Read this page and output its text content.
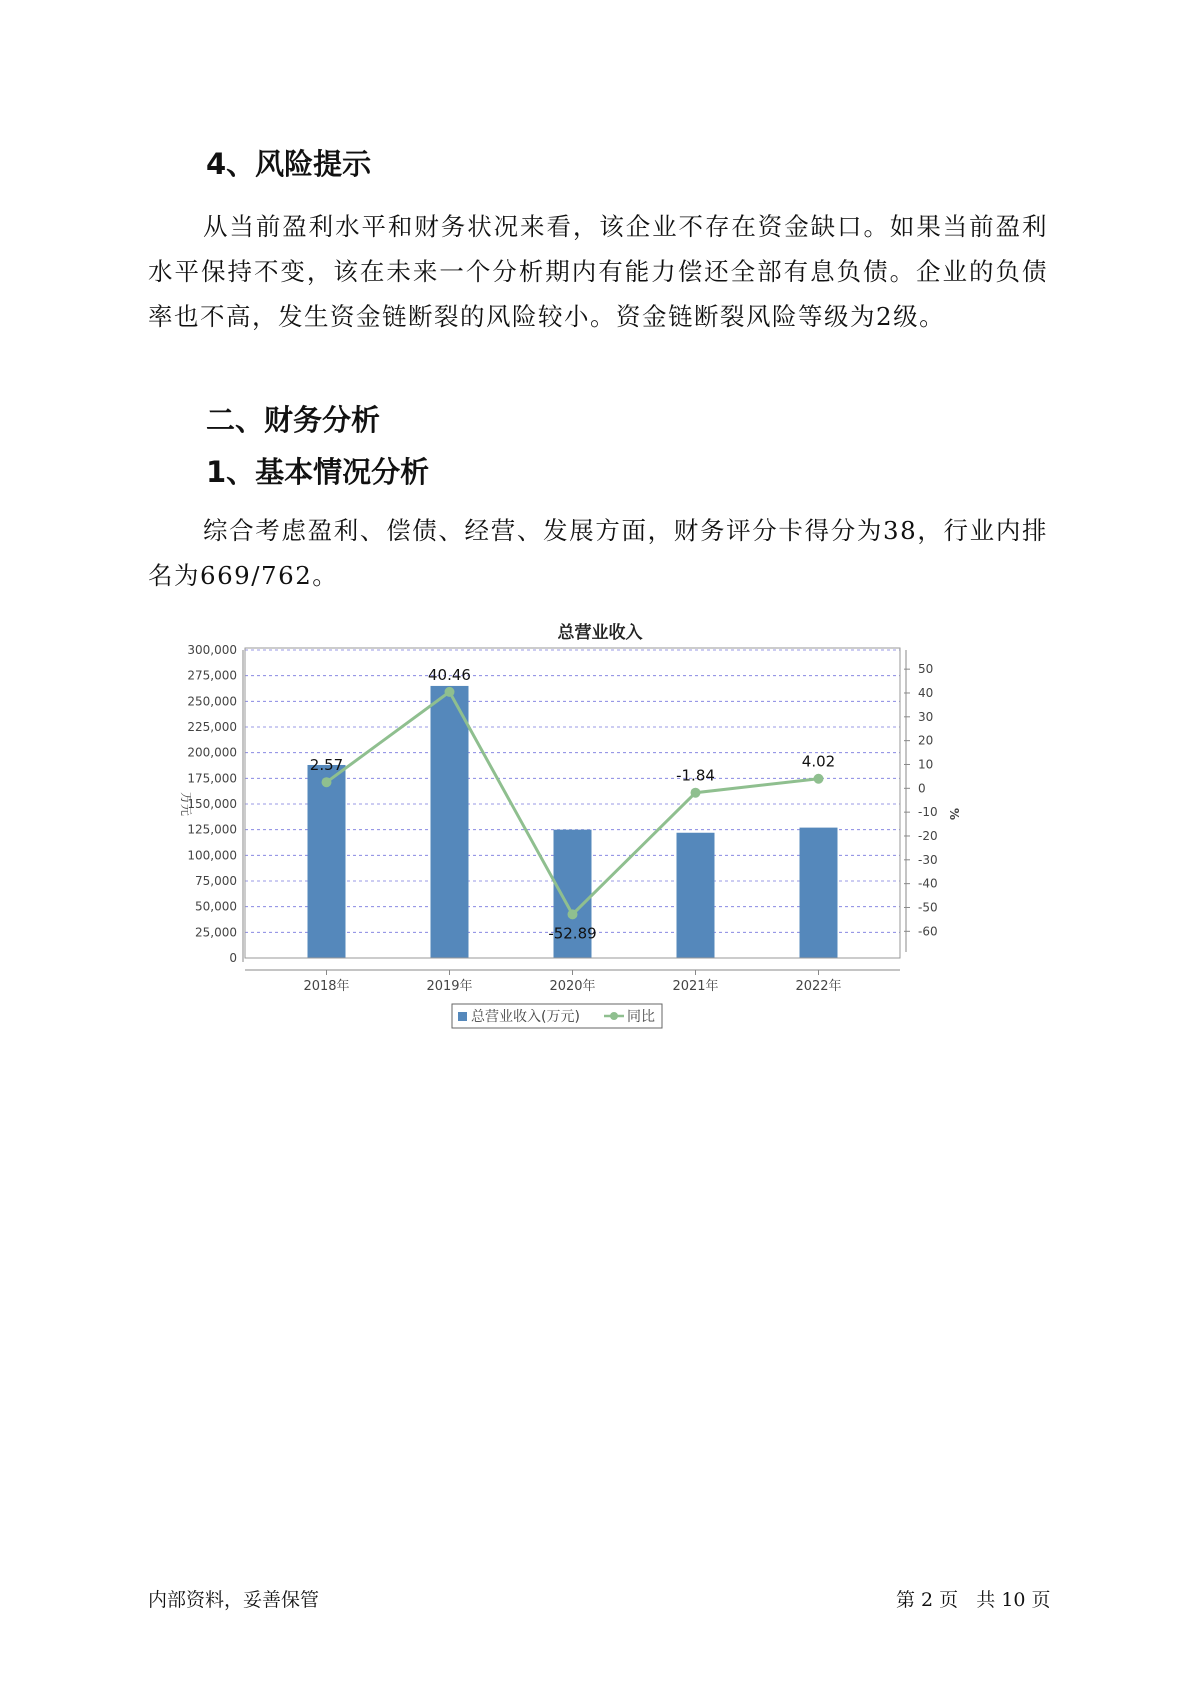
4、风险提示

从当前盈利水平和财务状况来看，该企业不存在资金缺口。如果当前盈利水平保持不变，该在未来一个分析期内有能力偿还全部有息负债。企业的负债率也不高，发生资金链断裂的风险较小。资金链断裂风险等级为2级。

二、财务分析
1、基本情况分析

综合考虑盈利、偿债、经营、发展方面，财务评分卡得分为38，行业内排名为669/762。

总营业收入
2.57
40.46
-52.89
-1.84
4.02
0
25,000
50,000
75,000
100,000
125,000
150,000
175,000
200,000
225,000
250,000
275,000
300,000
-60
-50
-40
-30
-20
-10
0
10
20
30
40
50
万元	%
2018年	2019年	2020年	2021年	2022年
总营业收入(万元)	同比
内部资料，妥善保管	第 2 页   共 10 页
